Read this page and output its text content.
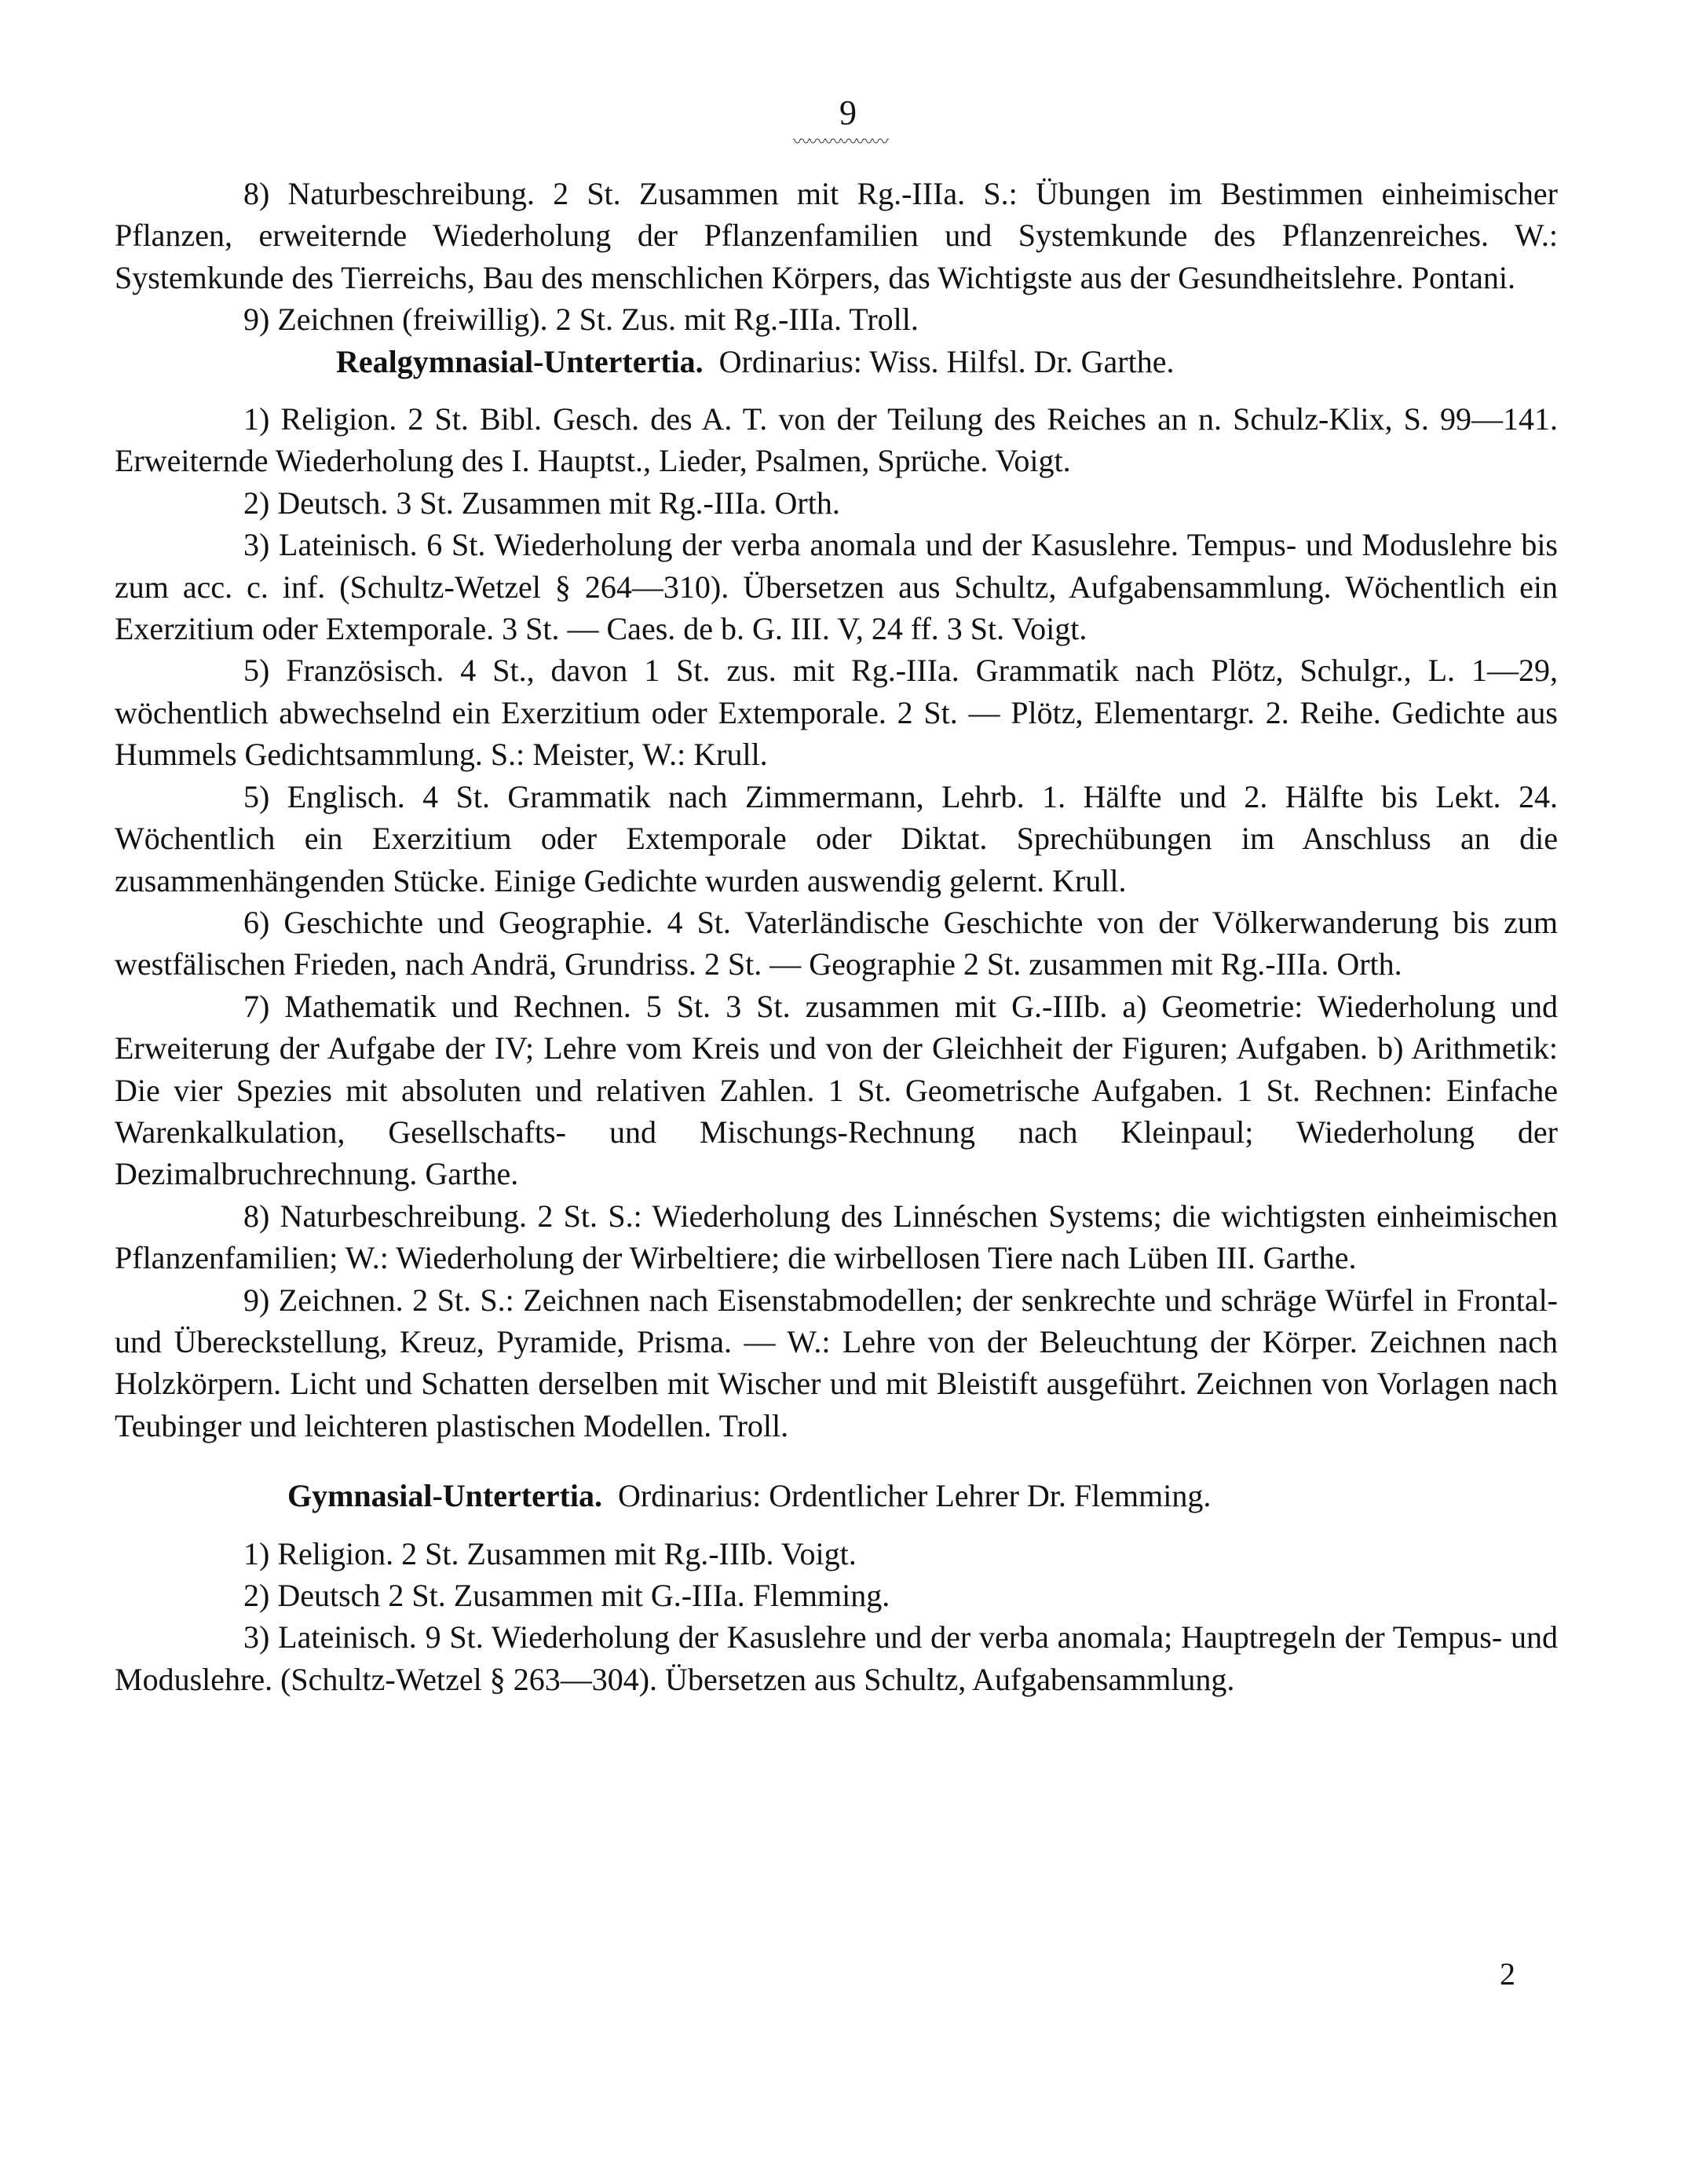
9
〰〰〰〰〰〰

8) Naturbeschreibung. 2 St. Zusammen mit Rg.-IIIa. S.: Übungen im Bestimmen einheimischer Pflanzen, erweiternde Wiederholung der Pflanzenfamilien und Systemkunde des Pflanzenreiches. W.: Systemkunde des Tierreichs, Bau des menschlichen Körpers, das Wichtigste aus der Gesundheitslehre. Pontani.

9) Zeichnen (freiwillig). 2 St. Zus. mit Rg.-IIIa. Troll.

Realgymnasial-Untertertia. Ordinarius: Wiss. Hilfsl. Dr. Garthe.

1) Religion. 2 St. Bibl. Gesch. des A. T. von der Teilung des Reiches an n. Schulz-Klix, S. 99—141. Erweiternde Wiederholung des I. Hauptst., Lieder, Psalmen, Sprüche. Voigt.

2) Deutsch. 3 St. Zusammen mit Rg.-IIIa. Orth.

3) Lateinisch. 6 St. Wiederholung der verba anomala und der Kasuslehre. Tempus- und Moduslehre bis zum acc. c. inf. (Schultz-Wetzel § 264—310). Übersetzen aus Schultz, Aufgabensammlung. Wöchentlich ein Exerzitium oder Extemporale. 3 St. — Caes. de b. G. III. V, 24 ff. 3 St. Voigt.

5) Französisch. 4 St., davon 1 St. zus. mit Rg.-IIIa. Grammatik nach Plötz, Schulgr., L. 1—29, wöchentlich abwechselnd ein Exerzitium oder Extemporale. 2 St. — Plötz, Elementargr. 2. Reihe. Gedichte aus Hummels Gedichtsammlung. S.: Meister, W.: Krull.

5) Englisch. 4 St. Grammatik nach Zimmermann, Lehrb. 1. Hälfte und 2. Hälfte bis Lekt. 24. Wöchentlich ein Exerzitium oder Extemporale oder Diktat. Sprechübungen im Anschluss an die zusammenhängenden Stücke. Einige Gedichte wurden auswendig gelernt. Krull.

6) Geschichte und Geographie. 4 St. Vaterländische Geschichte von der Völkerwanderung bis zum westfälischen Frieden, nach Andrä, Grundriss. 2 St. — Geographie 2 St. zusammen mit Rg.-IIIa. Orth.

7) Mathematik und Rechnen. 5 St. 3 St. zusammen mit G.-IIIb. a) Geometrie: Wiederholung und Erweiterung der Aufgabe der IV; Lehre vom Kreis und von der Gleichheit der Figuren; Aufgaben. b) Arithmetik: Die vier Spezies mit absoluten und relativen Zahlen. 1 St. Geometrische Aufgaben. 1 St. Rechnen: Einfache Warenkalkulation, Gesellschafts- und Mischungs-Rechnung nach Kleinpaul; Wiederholung der Dezimalbruchrechnung. Garthe.

8) Naturbeschreibung. 2 St. S.: Wiederholung des Linnéschen Systems; die wichtigsten einheimischen Pflanzenfamilien; W.: Wiederholung der Wirbeltiere; die wirbellosen Tiere nach Lüben III. Garthe.

9) Zeichnen. 2 St. S.: Zeichnen nach Eisenstabmodellen; der senkrechte und schräge Würfel in Frontal- und Übereckstellung, Kreuz, Pyramide, Prisma. — W.: Lehre von der Beleuchtung der Körper. Zeichnen nach Holzkörpern. Licht und Schatten derselben mit Wischer und mit Bleistift ausgeführt. Zeichnen von Vorlagen nach Teubinger und leichteren plastischen Modellen. Troll.

Gymnasial-Untertertia. Ordinarius: Ordentlicher Lehrer Dr. Flemming.

1) Religion. 2 St. Zusammen mit Rg.-IIIb. Voigt.

2) Deutsch 2 St. Zusammen mit G.-IIIa. Flemming.

3) Lateinisch. 9 St. Wiederholung der Kasuslehre und der verba anomala; Hauptregeln der Tempus- und Moduslehre. (Schultz-Wetzel § 263—304). Übersetzen aus Schultz, Aufgabensammlung.

2
